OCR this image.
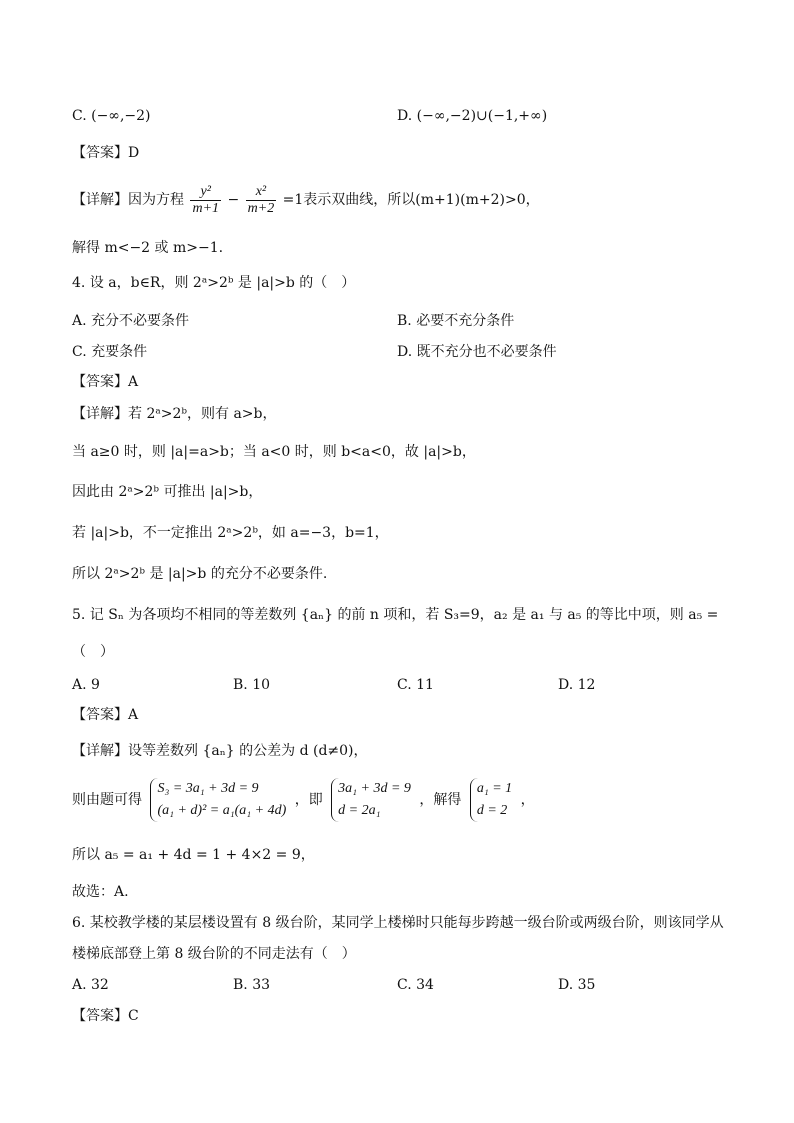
C. (−∞,−2)	D. (−∞,−2)∪(−1,+∞)
【答案】D
【详解】因为方程 $\frac{\text{y²}}{m+1} - \frac{\text{x²}}{m+2} =1$表示双曲线，所以(m+1)(m+2)>0，
解得 m<−2 或 m>−1.
4. 设 a，b∈R，则 2ᵃ>2ᵇ 是 |a|>b 的（　）
A. 充分不必要条件	B. 必要不充分条件
C. 充要条件	D. 既不充分也不必要条件
【答案】A
【详解】若 2ᵃ>2ᵇ，则有 a>b，
当 a≥0 时，则 |a|=a>b；当 a<0 时，则 b<a<0，故 |a|>b，
因此由 2ᵃ>2ᵇ 可推出 |a|>b，
若 |a|>b，不一定推出 2ᵃ>2ᵇ，如 a=−3，b=1，
所以 2ᵃ>2ᵇ 是 |a|>b 的充分不必要条件.
5. 记 Sₙ 为各项均不相同的等差数列 {aₙ} 的前 n 项和，若 S₃=9，a₂ 是 a₁ 与 a₅ 的等比中项，则 a₅ =
（　）
A. 9	B. 10	C. 11	D. 12
【答案】A
【详解】设等差数列 {aₙ} 的公差为 d (d≠0)，
则由题可得
S₃ = 3a₁ + 3d = 9
(a₁ + d)² = a₁(a₁ + 4d)
，即
3a₁ + 3d = 9
d = 2a₁
，解得
a₁ = 1
d = 2
，
所以 a₅ = a₁ + 4d = 1 + 4×2 = 9，
故选：A.
6. 某校教学楼的某层楼设置有 8 级台阶，某同学上楼梯时只能每步跨越一级台阶或两级台阶，则该同学从
楼梯底部登上第 8 级台阶的不同走法有（　）
A. 32	B. 33	C. 34	D. 35
【答案】C
